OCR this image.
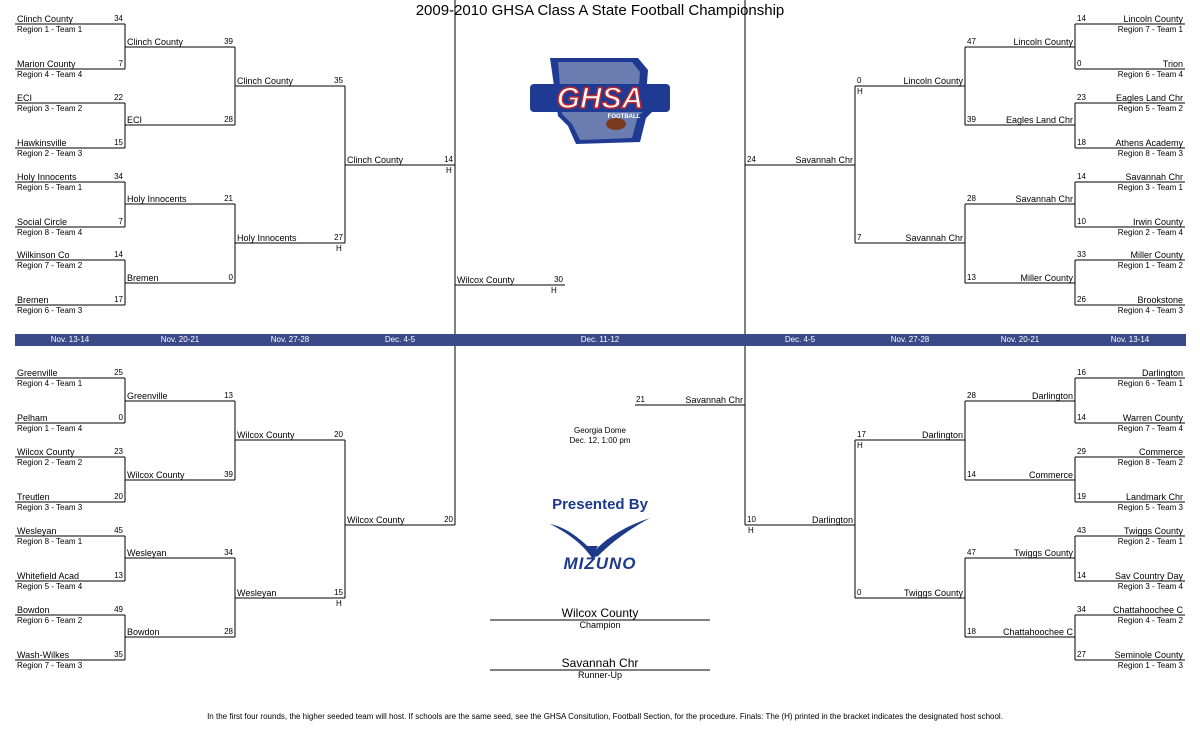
2009-2010 GHSA Class A State Football Championship
GHSA
FOOTBALL
Nov. 13-14	Nov. 20-21	Nov. 27-28	Dec. 4-5	Dec. 11-12	Dec. 4-5	Nov. 27-28	Nov. 20-21	Nov. 13-14
Georgia Dome
Dec. 12, 1:00 pm
Presented By
MIZUNO
Wilcox County
Champion
Savannah Chr
Runner-Up
In the first four rounds, the higher seeded team will host. If schools are the same seed, see the GHSA Consitution, Football Section, for the procedure. Finals: The (H) printed in the bracket indicates the designated host school.
Clinch County	34
Region 1 - Team 1
Marion County	7
Region 4 - Team 4
ECI	22
Region 3 - Team 2
Hawkinsville	15
Region 2 - Team 3
Holy Innocents	34
Region 5 - Team 1
Social Circle	7
Region 8 - Team 4
Wilkinson Co	14
Region 7 - Team 2
Bremen	17
Region 6 - Team 3
Clinch County	39
ECI	28
Holy Innocents	21
Bremen	0
Clinch County	35
Holy Innocents	27
Clinch County	14
Greenville	25
Region 4 - Team 1
Pelham	0
Region 1 - Team 4
Wilcox County	23
Region 2 - Team 2
Treutlen	20
Region 3 - Team 3
Wesleyan	45
Region 8 - Team 1
Whitefield Acad	13
Region 5 - Team 4
Bowdon	49
Region 6 - Team 2
Wash-Wilkes	35
Region 7 - Team 3
Greenville	13
Wilcox County	39
Wesleyan	34
Bowdon	28
Wilcox County	20
Wesleyan	15
Wilcox County	20
Lincoln County
14
Region 7 - Team 1
Trion
0
Region 6 - Team 4
Eagles Land Chr
23
Region 5 - Team 2
Athens Academy
18
Region 8 - Team 3
Savannah Chr
14
Region 3 - Team 1
Irwin County
10
Region 2 - Team 4
Miller County
33
Region 1 - Team 2
Brookstone
26
Region 4 - Team 3
Lincoln County
47
Eagles Land Chr
39
Savannah Chr
28
Miller County
13
Lincoln County
0
Savannah Chr
7
Savannah Chr
24
Darlington
16
Region 6 - Team 1
Warren County
14
Region 7 - Team 4
Commerce
29
Region 8 - Team 2
Landmark Chr
19
Region 5 - Team 3
Twiggs County
43
Region 2 - Team 1
Sav Country Day
14
Region 3 - Team 4
Chattahoochee C
34
Region 4 - Team 2
Seminole County
27
Region 1 - Team 3
Darlington
28
Commerce
14
Twiggs County
47
Chattahoochee C
18
Darlington
17
Twiggs County
0
Darlington
10
Wilcox County	30
Savannah Chr
21
H
H
H
H
H
H
H
